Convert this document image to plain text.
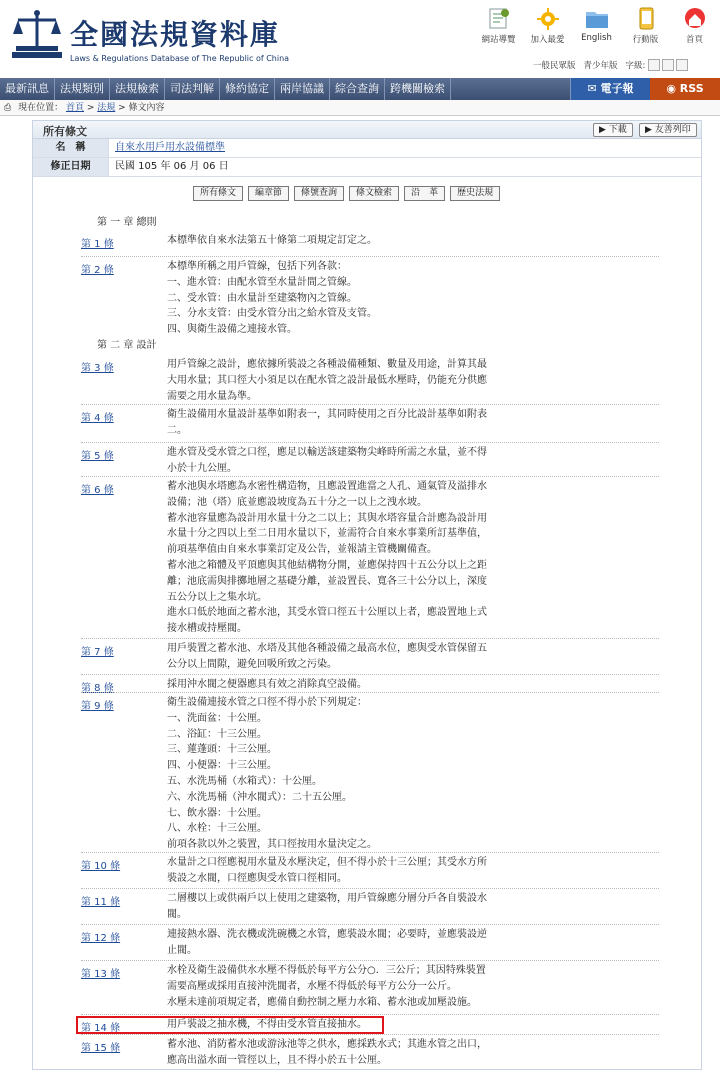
全國法規資料庫
Laws & Regulations Database of The Republic of China
網站導覽	加入最愛	English	行動版	首頁
一般民眾版 青少年版 字級:
最新訊息	法規類別	法規檢索	司法判解	條約協定	兩岸協議	綜合查詢	跨機關檢索	✉ 電子報	◉ RSS
⎙ 現在位置： 首頁 > 法規 > 條文內容
所有條文	▶ 下載	▶ 友善列印
名　稱	自來水用戶用水設備標準
修正日期	民國 105 年 06 月 06 日
所有條文	編章節	條號查詢	條文檢索	沿　革	歷史法規
第 一 章 總則
第 二 章 設計
第 1 條	本標準依自來水法第五十條第二項規定訂定之。
第 2 條	本標準所稱之用戶管線，包括下列各款：
一、進水管：由配水管至水量計間之管線。
二、受水管：由水量計至建築物內之管線。
三、分水支管：由受水管分出之給水管及支管。
四、與衛生設備之連接水管。
第 3 條	用戶管線之設計，應依據所裝設之各種設備種類、數量及用途，計算其最
大用水量；其口徑大小須足以在配水管之設計最低水壓時，仍能充分供應
需要之用水量為準。
第 4 條	衛生設備用水量設計基準如附表一，其同時使用之百分比設計基準如附表
二。
第 5 條	進水管及受水管之口徑，應足以輸送該建築物尖峰時所需之水量，並不得
小於十九公厘。
第 6 條	蓄水池與水塔應為水密性構造物，且應設置進當之人孔、通氣管及溢排水
設備；池（塔）底並應設坡度為五十分之一以上之洩水坡。
蓄水池容量應為設計用水量十分之二以上；其與水塔容量合計應為設計用
水量十分之四以上至二日用水量以下，並需符合自來水事業所訂基準值，
前項基準值由自來水事業訂定及公告，並報請主管機關備查。
蓄水池之箱體及平頂應與其他結構物分開，並應保持四十五公分以上之距
離；池底需與排擲地層之基礎分離，並設置長、寬各三十公分以上，深度
五公分以上之集水坑。
進水口低於地面之蓄水池，其受水管口徑五十公厘以上者，應設置地上式
接水槽或持壓閥。
第 7 條	用戶裝置之蓄水池、水塔及其他各種設備之最高水位，應與受水管保留五
公分以上間隙，避免回吸所致之污染。
第 8 條	採用沖水閥之便器應具有效之消除真空設備。
第 9 條	衛生設備連接水管之口徑不得小於下列規定：
一、洗面盆：十公厘。
二、浴缸：十三公厘。
三、蓮蓬頭：十三公厘。
四、小便器：十三公厘。
五、水洗馬桶（水箱式）：十公厘。
六、水洗馬桶（沖水閥式）：二十五公厘。
七、飲水器：十公厘。
八、水栓：十三公厘。
前項各款以外之裝置，其口徑按用水量決定之。
第 10 條	水量計之口徑應視用水量及水壓決定，但不得小於十三公厘；其受水方所
裝設之水閥，口徑應與受水管口徑相同。
第 11 條	二層樓以上或供兩戶以上使用之建築物，用戶管線應分層分戶各自裝設水
閥。
第 12 條	連接熱水器、洗衣機或洗碗機之水管，應裝設水閥；必要時，並應裝設逆
止閥。
第 13 條	水栓及衛生設備供水水壓不得低於每平方公分○．三公斤；其因特殊裝置
需要高壓或採用直接沖洗閥者，水壓不得低於每平方公分一公斤。
水壓未達前項規定者，應備自動控制之壓力水箱、蓄水池或加壓設施。
第 14 條	用戶裝設之抽水機，不得由受水管直接抽水。
第 15 條	蓄水池、消防蓄水池或游泳池等之供水，應採跌水式；其進水管之出口，
應高出溢水面一管徑以上，且不得小於五十公厘。
